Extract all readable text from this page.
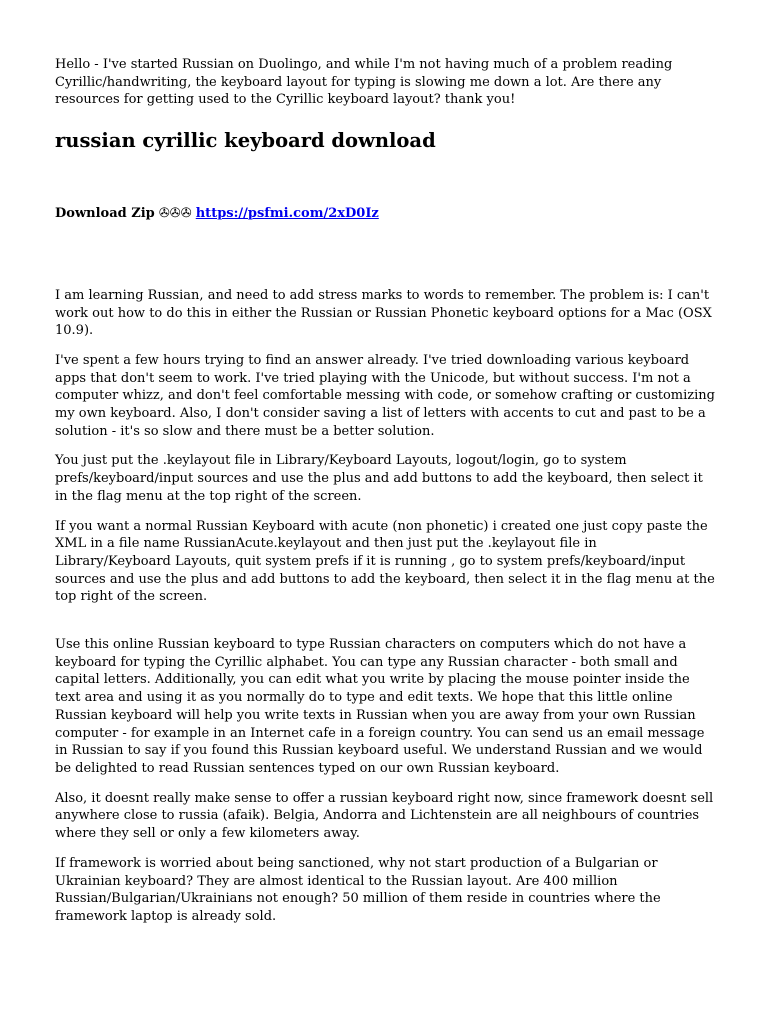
Hello - I've started Russian on Duolingo, and while I'm not having much of a problem reading Cyrillic/handwriting, the keyboard layout for typing is slowing me down a lot. Are there any resources for getting used to the Cyrillic keyboard layout? thank you!

russian cyrillic keyboard download
Download Zip ✇✇✇ https://psfmi.com/2xD0Iz

I am learning Russian, and need to add stress marks to words to remember. The problem is: I can't work out how to do this in either the Russian or Russian Phonetic keyboard options for a Mac (OSX 10.9).

I've spent a few hours trying to find an answer already. I've tried downloading various keyboard apps that don't seem to work. I've tried playing with the Unicode, but without success. I'm not a computer whizz, and don't feel comfortable messing with code, or somehow crafting or customizing my own keyboard. Also, I don't consider saving a list of letters with accents to cut and past to be a solution - it's so slow and there must be a better solution.

You just put the .keylayout file in Library/Keyboard Layouts, logout/login, go to system prefs/keyboard/input sources and use the plus and add buttons to add the keyboard, then select it in the flag menu at the top right of the screen.

If you want a normal Russian Keyboard with acute (non phonetic) i created one just copy paste the XML in a file name RussianAcute.keylayout and then just put the .keylayout file in Library/Keyboard Layouts, quit system prefs if it is running , go to system prefs/keyboard/input sources and use the plus and add buttons to add the keyboard, then select it in the flag menu at the top right of the screen.

Use this online Russian keyboard to type Russian characters on computers which do not have a keyboard for typing the Cyrillic alphabet. You can type any Russian character - both small and capital letters. Additionally, you can edit what you write by placing the mouse pointer inside the text area and using it as you normally do to type and edit texts. We hope that this little online Russian keyboard will help you write texts in Russian when you are away from your own Russian computer - for example in an Internet cafe in a foreign country. You can send us an email message in Russian to say if you found this Russian keyboard useful. We understand Russian and we would be delighted to read Russian sentences typed on our own Russian keyboard.

Also, it doesnt really make sense to offer a russian keyboard right now, since framework doesnt sell anywhere close to russia (afaik). Belgia, Andorra and Lichtenstein are all neighbours of countries where they sell or only a few kilometers away.

If framework is worried about being sanctioned, why not start production of a Bulgarian or Ukrainian keyboard? They are almost identical to the Russian layout. Are 400 million Russian/Bulgarian/Ukrainians not enough? 50 million of them reside in countries where the framework laptop is already sold.
